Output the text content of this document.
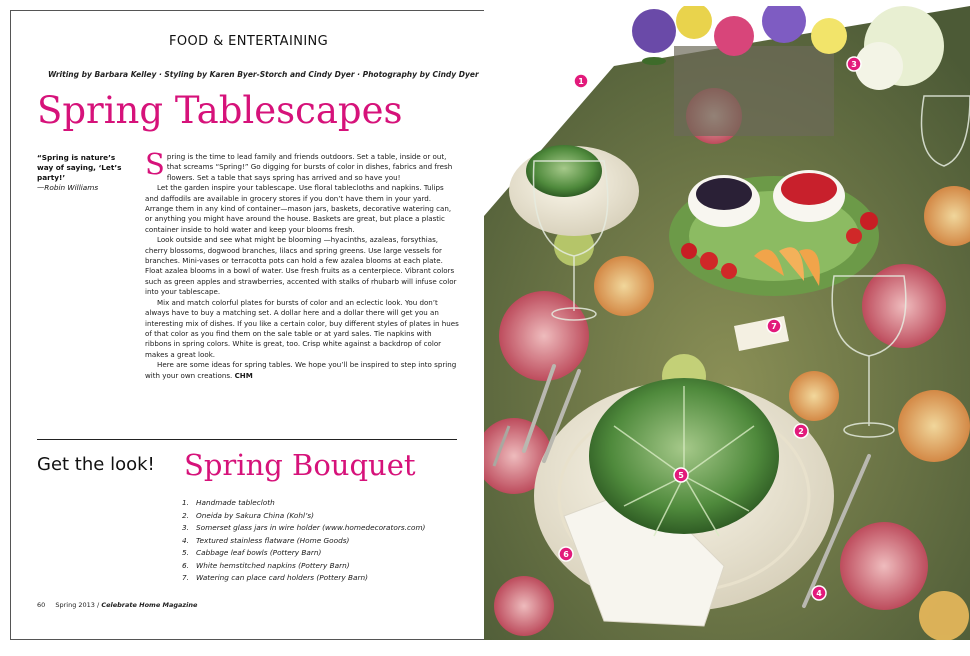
FOOD & ENTERTAINING
Writing by Barbara Kelley · Styling by Karen Byer-Storch and Cindy Dyer · Photography by Cindy Dyer
Spring Tablescapes
“Spring is nature’s way of saying, ‘Let’s party!’
—Robin Williams

Spring is the time to lead family and friends outdoors. Set a table, inside or out, that screams “Spring!” Go digging for bursts of color in dishes, fabrics and fresh flowers. Set a table that says spring has arrived and so have you!

Let the garden inspire your tablescape. Use floral tablecloths and napkins. Tulips and daffodils are available in grocery stores if you don’t have them in your yard. Arrange them in any kind of container—mason jars, baskets, decorative watering can, or anything you might have around the house. Baskets are great, but place a plastic container inside to hold water and keep your blooms fresh.

Look outside and see what might be blooming —hyacinths, azaleas, forsythias, cherry blossoms, dogwood branches, lilacs and spring greens. Use large vessels for branches. Mini-vases or terracotta pots can hold a few azalea blooms at each plate. Float azalea blooms in a bowl of water. Use fresh fruits as a centerpiece. Vibrant colors such as green apples and strawberries, accented with stalks of rhubarb will infuse color into your tablescape.

Mix and match colorful plates for bursts of color and an eclectic look. You don’t always have to buy a matching set. A dollar here and a dollar there will get you an interesting mix of dishes. If you like a certain color, buy different styles of plates in hues of that color as you find them on the sale table or at yard sales. Tie napkins with ribbons in spring colors. White is great, too. Crisp white against a backdrop of color makes a great look.

Here are some ideas for spring tables. We hope you’ll be inspired to step into spring with your own creations. CHM

Get the look! Spring Bouquet
1. Handmade tablecloth
2. Oneida by Sakura China (Kohl’s)
3. Somerset glass jars in wire holder (www.homedecorators.com)
4. Textured stainless flatware (Home Goods)
5. Cabbage leaf bowls (Pottery Barn)
6. White hemstitched napkins (Pottery Barn)
7. Watering can place card holders (Pottery Barn)
60 Spring 2013 / Celebrate Home Magazine
1
2
3
4
5
6
7
